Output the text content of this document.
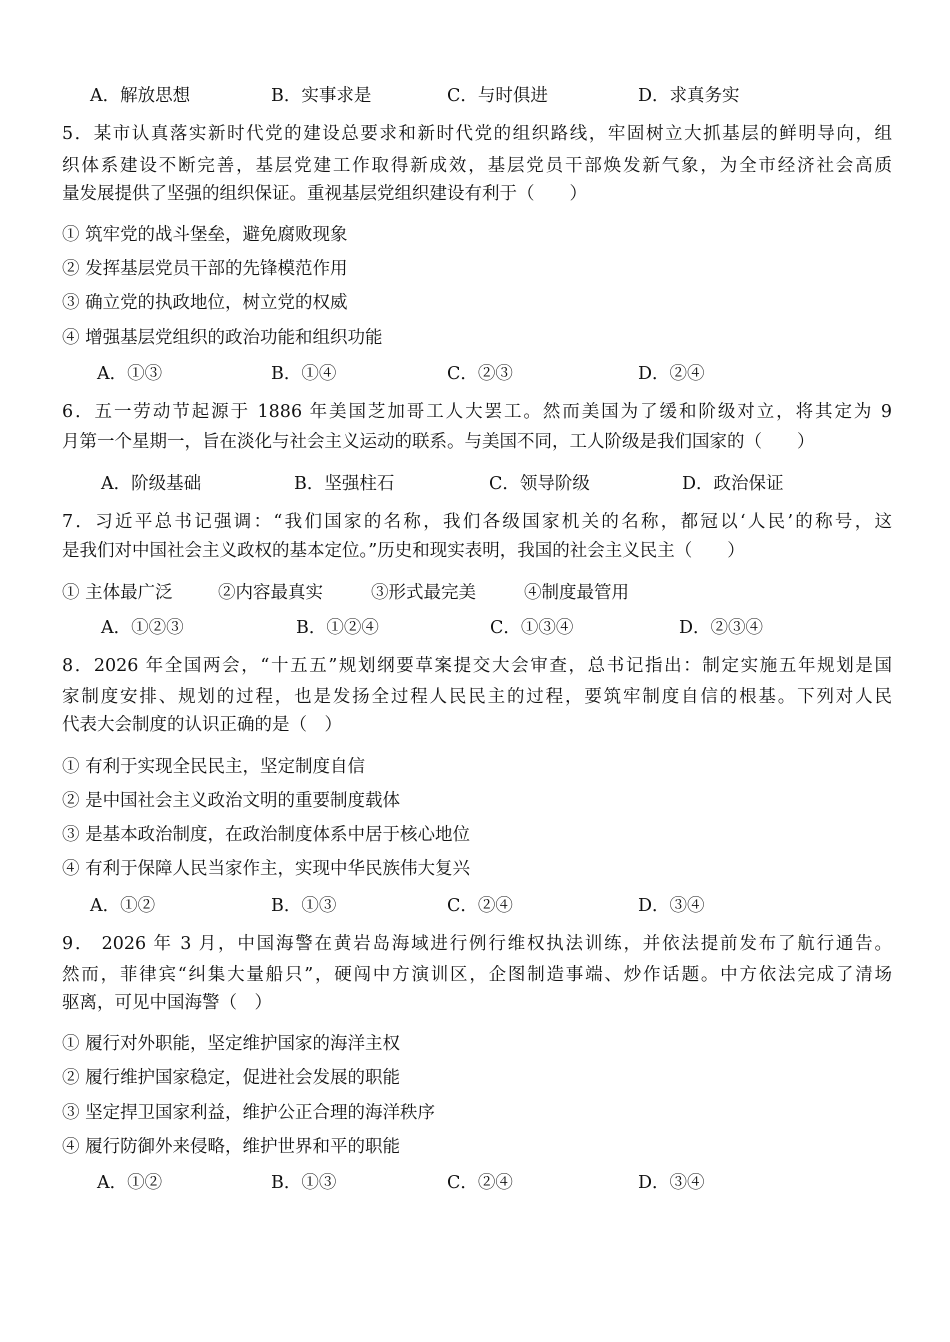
A．解放思想	B．实事求是	C．与时俱进	D．求真务实
5．某市认真落实新时代党的建设总要求和新时代党的组织路线，牢固树立大抓基层的鲜明导向，组
织体系建设不断完善，基层党建工作取得新成效，基层党员干部焕发新气象，为全市经济社会高质
量发展提供了坚强的组织保证。重视基层党组织建设有利于（　　）
① 筑牢党的战斗堡垒，避免腐败现象
② 发挥基层党员干部的先锋模范作用
③ 确立党的执政地位，树立党的权威
④ 增强基层党组织的政治功能和组织功能
A．①③	B．①④	C．②③	D．②④
6．五一劳动节起源于 1886 年美国芝加哥工人大罢工。然而美国为了缓和阶级对立，将其定为 9
月第一个星期一，旨在淡化与社会主义运动的联系。与美国不同，工人阶级是我们国家的（　　）
A．阶级基础	B．坚强柱石	C．领导阶级	D．政治保证
7．习近平总书记强调：“我们国家的名称，我们各级国家机关的名称，都冠以‘人民’的称号，这
是我们对中国社会主义政权的基本定位。”历史和现实表明，我国的社会主义民主（　　）
① 主体最广泛	②内容最真实	③形式最完美	④制度最管用
A．①②③	B．①②④	C．①③④	D．②③④
8．2026 年全国两会，“十五五”规划纲要草案提交大会审查，总书记指出：制定实施五年规划是国
家制度安排、规划的过程，也是发扬全过程人民民主的过程，要筑牢制度自信的根基。下列对人民
代表大会制度的认识正确的是（　）
① 有利于实现全民民主，坚定制度自信
② 是中国社会主义政治文明的重要制度载体
③ 是基本政治制度，在政治制度体系中居于核心地位
④ 有利于保障人民当家作主，实现中华民族伟大复兴
A．①②	B．①③	C．②④	D．③④
9． 2026 年 3 月，中国海警在黄岩岛海域进行例行维权执法训练，并依法提前发布了航行通告。
然而，菲律宾“纠集大量船只”，硬闯中方演训区，企图制造事端、炒作话题。中方依法完成了清场
驱离，可见中国海警（　）
① 履行对外职能，坚定维护国家的海洋主权
② 履行维护国家稳定，促进社会发展的职能
③ 坚定捍卫国家利益，维护公正合理的海洋秩序
④ 履行防御外来侵略，维护世界和平的职能
A．①②	B．①③	C．②④	D．③④
